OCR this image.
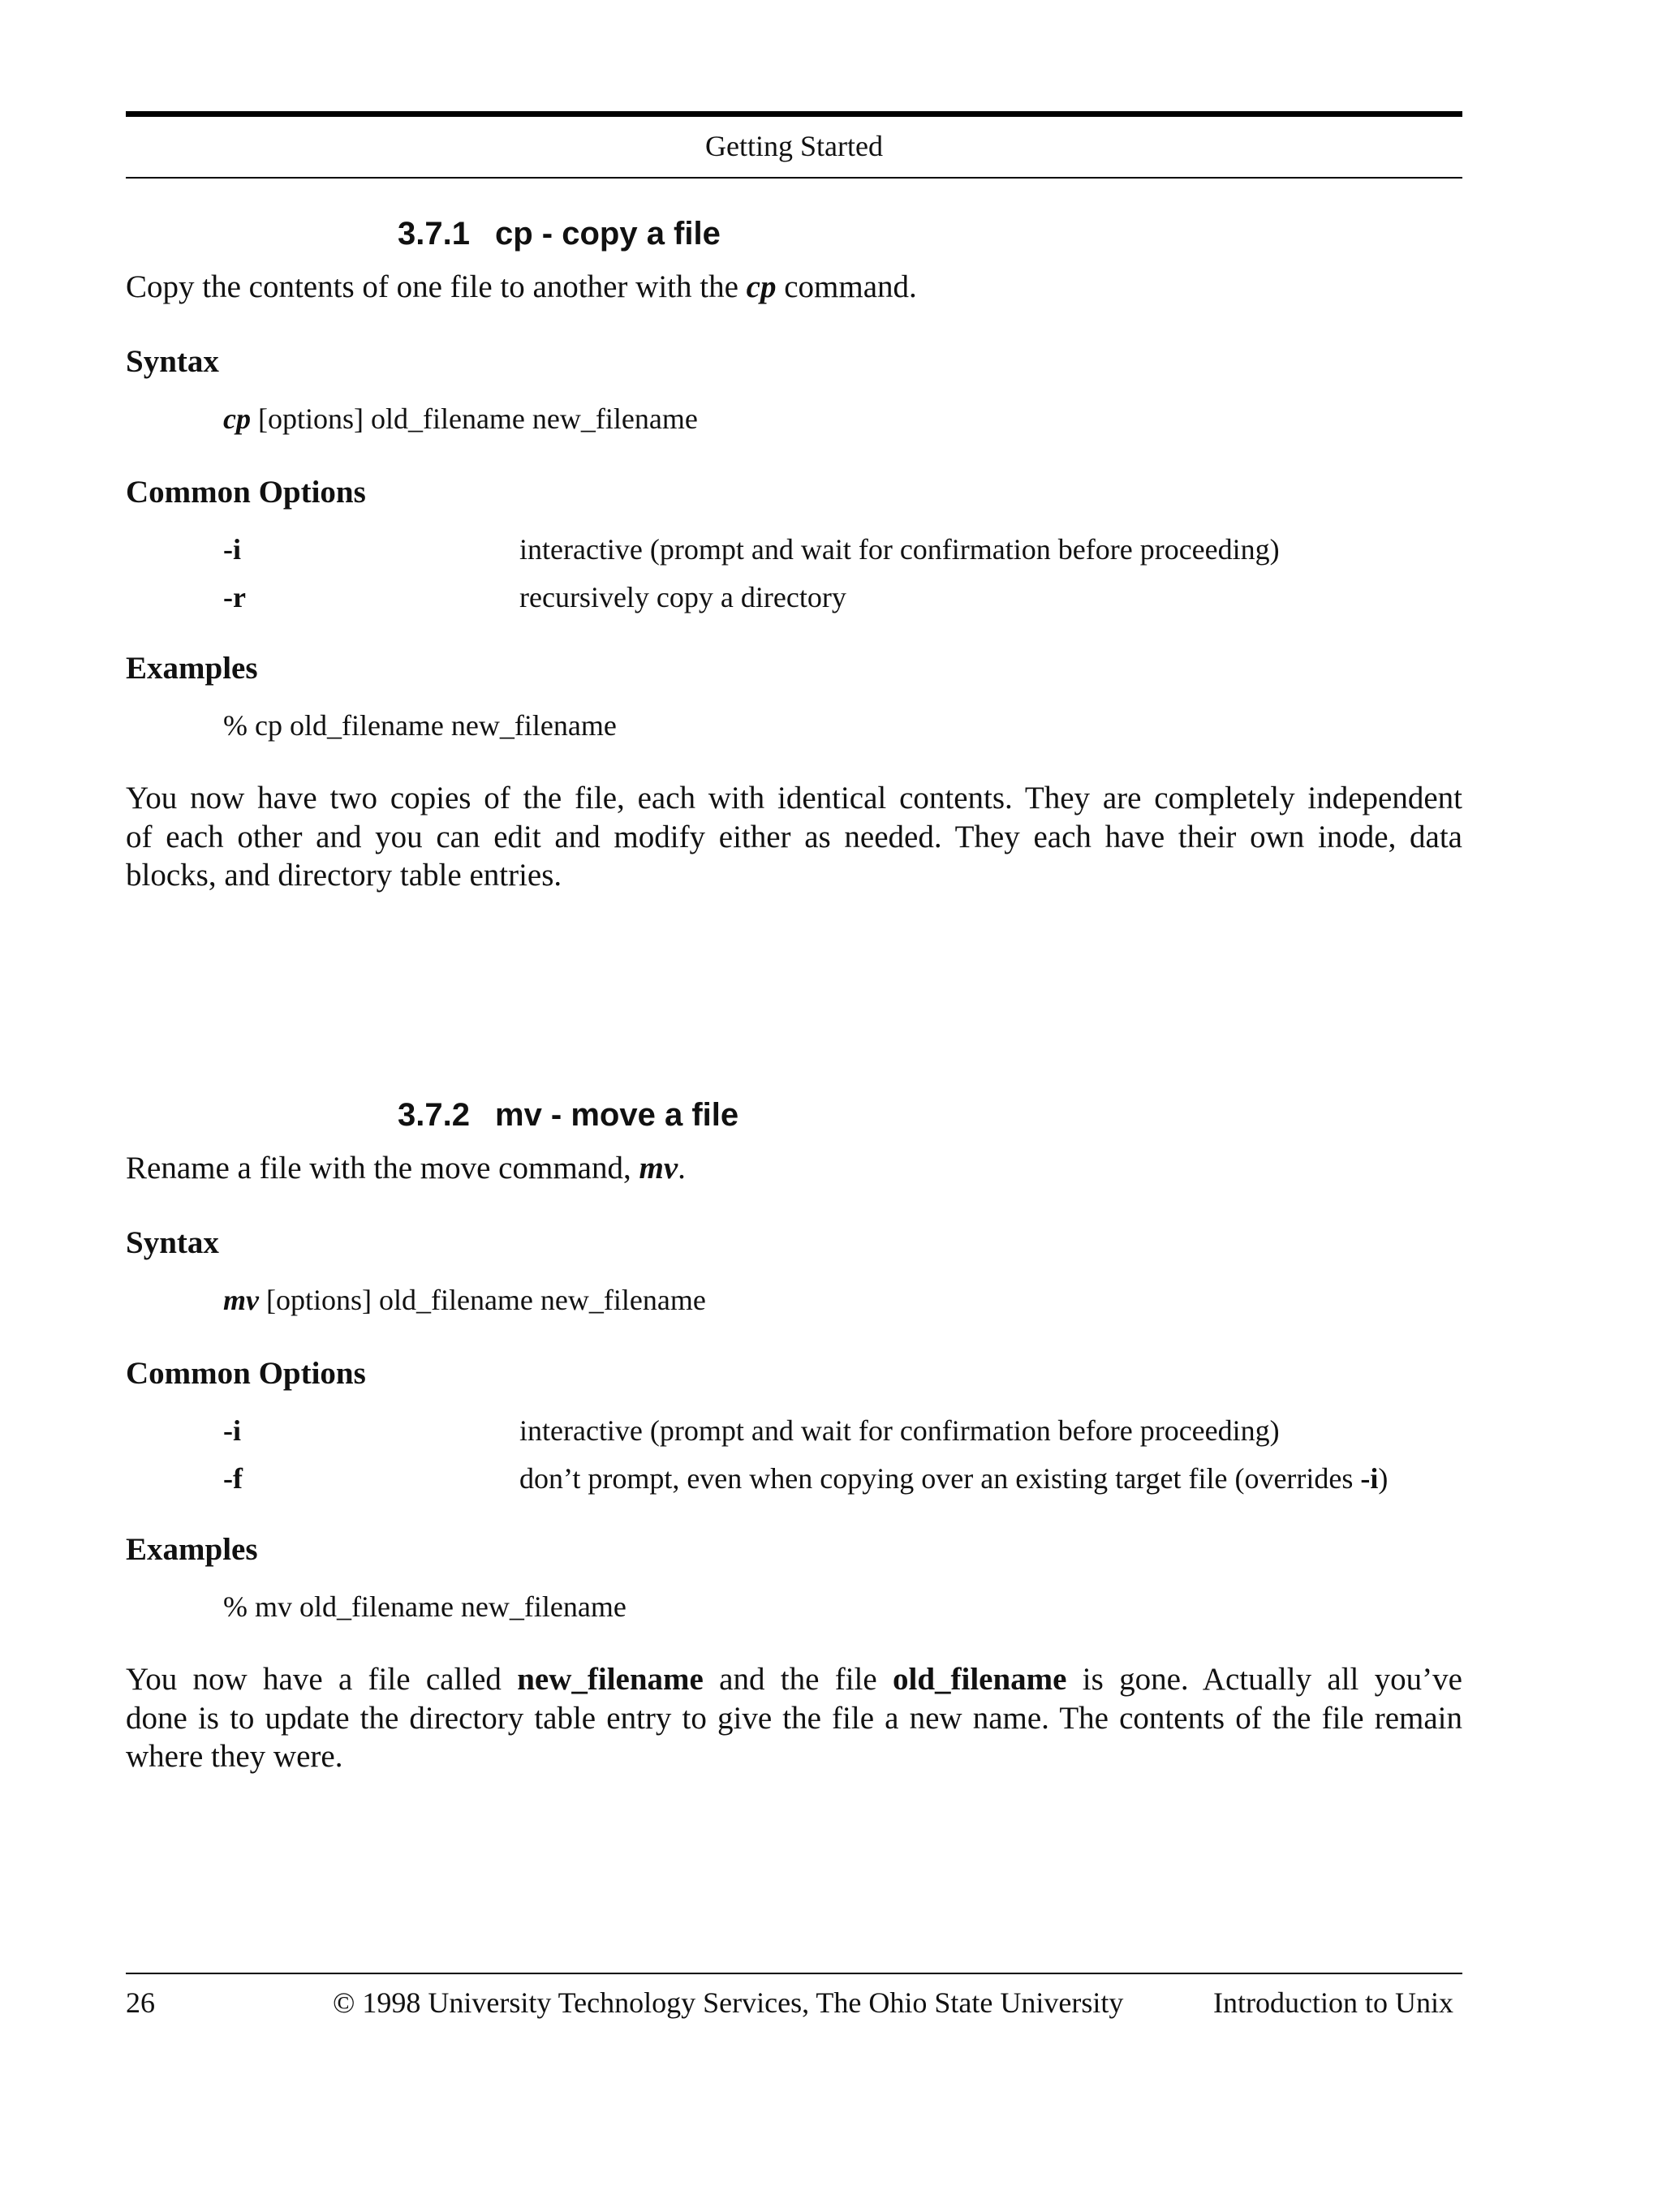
Getting Started
3.7.1 cp - copy a file
Copy the contents of one file to another with the cp command.
Syntax
cp [options] old_filename new_filename
Common Options
-i	interactive (prompt and wait for confirmation before proceeding)
-r	recursively copy a directory
Examples
% cp old_filename new_filename
You now have two copies of the file, each with identical contents. They are completely independent
of each other and you can edit and modify either as needed. They each have their own inode, data
blocks, and directory table entries.
3.7.2 mv - move a file
Rename a file with the move command, mv.
Syntax
mv [options] old_filename new_filename
Common Options
-i	interactive (prompt and wait for confirmation before proceeding)
-f	don’t prompt, even when copying over an existing target file (overrides -i)
Examples
% mv old_filename new_filename
You now have a file called new_filename and the file old_filename is gone. Actually all you’ve
done is to update the directory table entry to give the file a new name. The contents of the file remain
where they were.
26	© 1998 University Technology Services, The Ohio State University	Introduction to Unix
